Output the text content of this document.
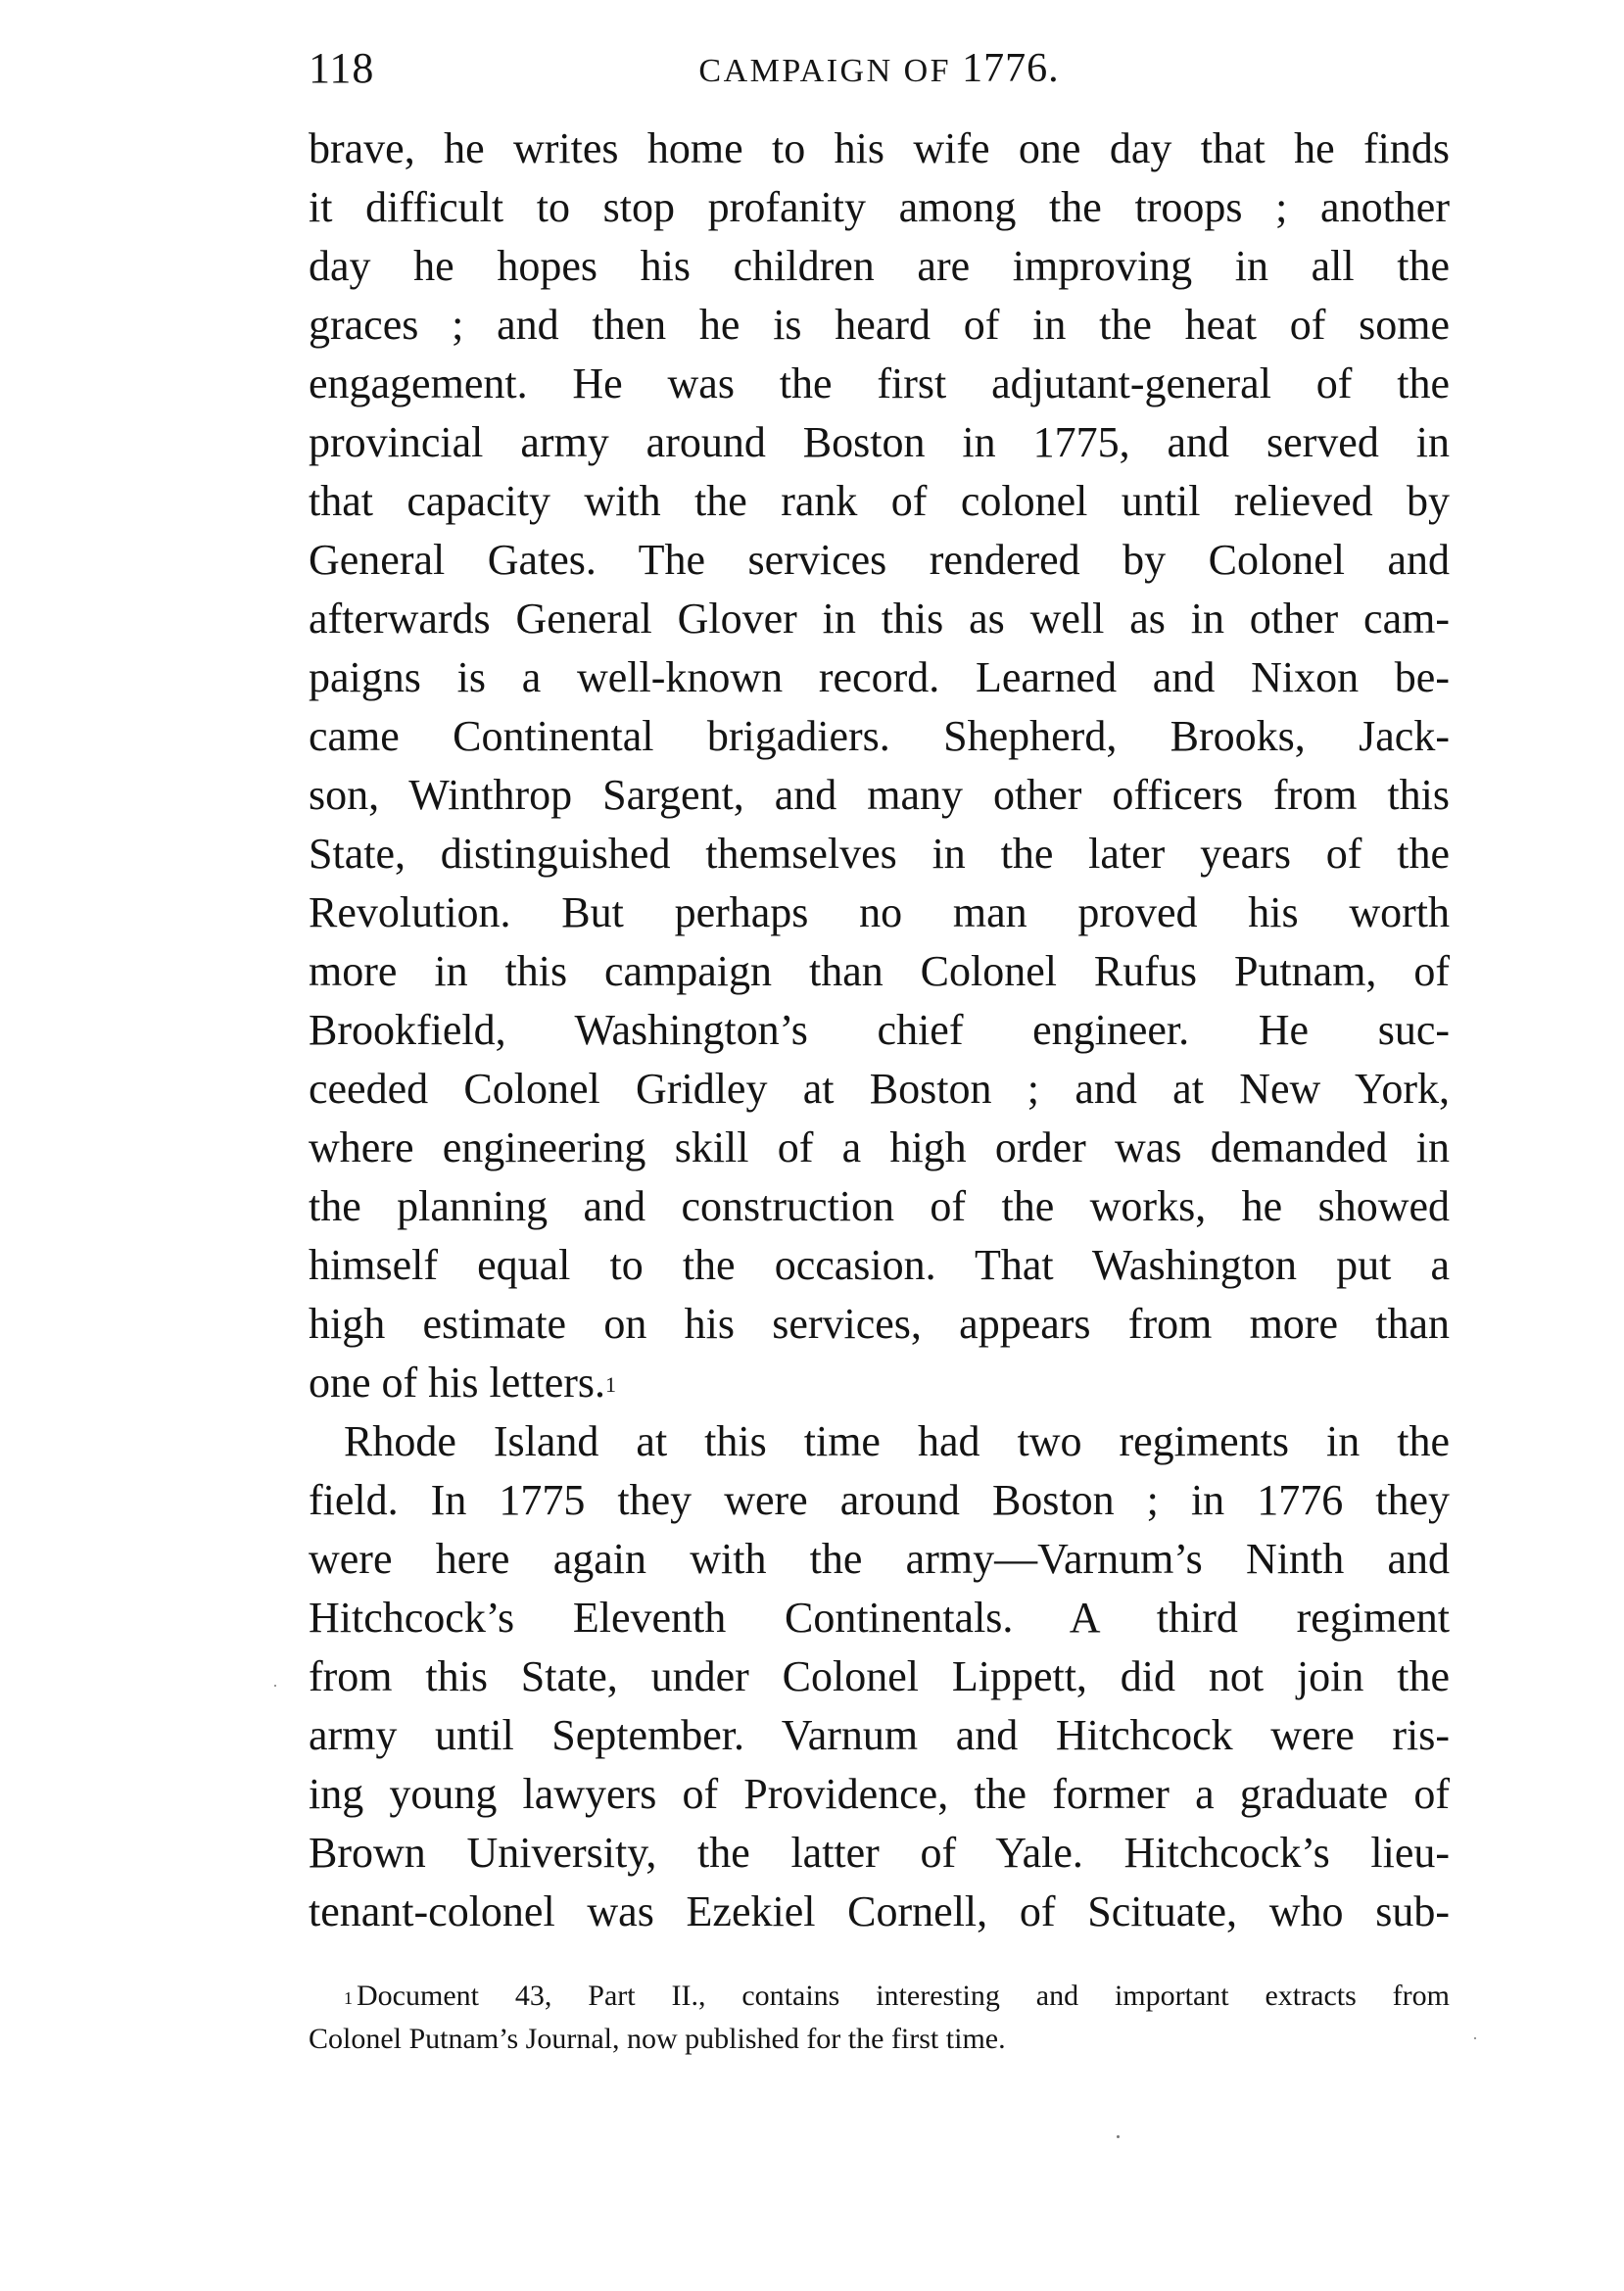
118	CAMPAIGN OF 1776.
brave, he writes home to his wife one day that he finds
it difficult to stop profanity among the troops ; another
day he hopes his children are improving in all the
graces ; and then he is heard of in the heat of some
engagement. He was the first adjutant-general of the
provincial army around Boston in 1775, and served in
that capacity with the rank of colonel until relieved by
General Gates. The services rendered by Colonel and
afterwards General Glover in this as well as in other cam-
paigns is a well-known record. Learned and Nixon be-
came Continental brigadiers. Shepherd, Brooks, Jack-
son, Winthrop Sargent, and many other officers from this
State, distinguished themselves in the later years of the
Revolution. But perhaps no man proved his worth
more in this campaign than Colonel Rufus Putnam, of
Brookfield, Washington’s chief engineer. He suc-
ceeded Colonel Gridley at Boston ; and at New York,
where engineering skill of a high order was demanded in
the planning and construction of the works, he showed
himself equal to the occasion. That Washington put a
high estimate on his services, appears from more than
one of his letters.$^1$
Rhode Island at this time had two regiments in the
field. In 1775 they were around Boston ; in 1776 they
were here again with the army—Varnum’s Ninth and
Hitchcock’s Eleventh Continentals. A third regiment
from this State, under Colonel Lippett, did not join the
army until September. Varnum and Hitchcock were ris-
ing young lawyers of Providence, the former a graduate of
Brown University, the latter of Yale. Hitchcock’s lieu-
tenant-colonel was Ezekiel Cornell, of Scituate, who sub-
$^1$ Document 43, Part II., contains interesting and important extracts from
Colonel Putnam’s Journal, now published for the first time.
